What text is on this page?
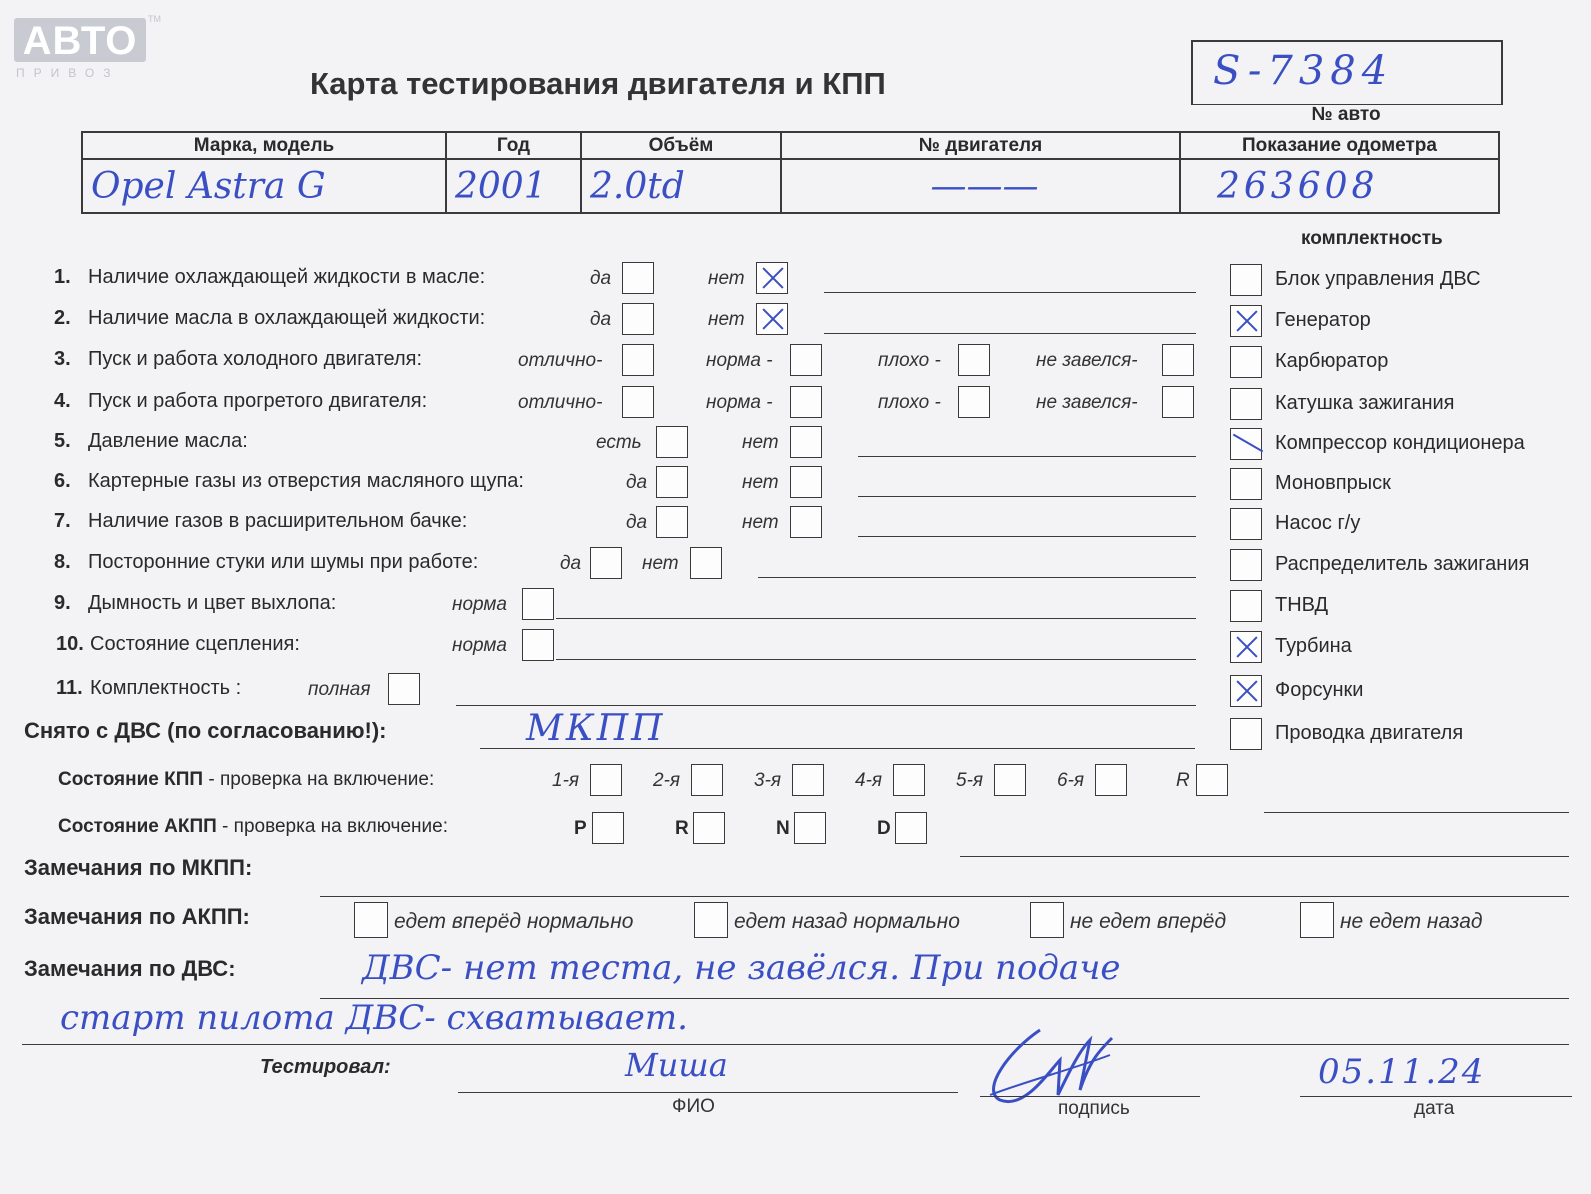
АВТО
ПРИВОЗ
TM
Карта тестирования двигателя и КПП	S-7384
№ авто
Марка, модель	Год	Объём	№ двигателя	Показание одометра
Opel Astra G	2001	2.0td	———	263608
комплектность
1. Наличие охлаждающей жидкости в масле:	да	нет
2. Наличие масла в охлаждающей жидкости:	да	нет
3. Пуск и работа холодного двигателя:	отлично-	норма -	плохо -	не завелся-
4. Пуск и работа прогретого двигателя:	отлично-	норма -	плохо -	не завелся-
5. Давление масла:	есть	нет
6. Картерные газы из отверстия масляного щупа:	да	нет
7. Наличие газов в расширительном бачке:	да	нет
8. Посторонние стуки или шумы при работе:	да	нет
9. Дымность и цвет выхлопа:	норма
10. Состояние сцепления:	норма
11. Комплектность :	полная
Блок управления ДВС
Генератор
Карбюратор
Катушка зажигания
Компрессор кондиционера
Моновпрыск
Насос г/у
Распределитель зажигания
ТНВД
Турбина
Форсунки
Проводка двигателя
Снято с ДВС (по согласованию!):	МКПП
Состояние КПП - проверка на включение:	1-я	2-я	3-я	4-я	5-я	6-я	R
Состояние АКПП - проверка на включение:	P	R	N	D
Замечания по МКПП:
Замечания по АКПП:	едет вперёд нормально	едет назад нормально	не едет вперёд	не едет назад
Замечания по ДВС:	ДВС- нет теста, не завёлся. При подаче
старт пилота ДВС- схватывает.
Тестировал:	Миша
ФИО	подпись
05.11.24
дата
